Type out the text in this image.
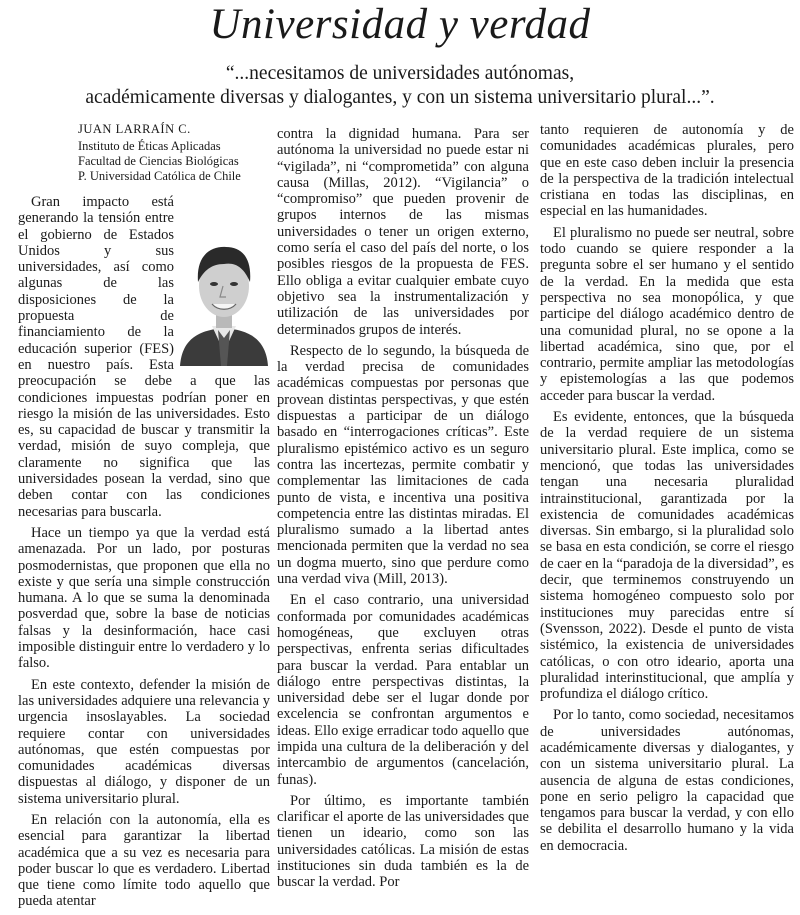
Universidad y verdad
“...necesitamos de universidades autónomas,
académicamente diversas y dialogantes, y con un sistema universitario plural...”.
JUAN LARRAÍN C.
Instituto de Éticas Aplicadas
Facultad de Ciencias Biológicas
P. Universidad Católica de Chile

Gran impacto está generando la tensión entre el gobierno de Estados Unidos y sus universidades, así como algunas de las disposiciones de la propuesta de financiamiento de la educación superior (FES) en nuestro país. Esta preocupación se debe a que las condiciones impuestas podrían poner en riesgo la misión de las universidades. Esto es, su capacidad de buscar y transmitir la verdad, misión de suyo compleja, que claramente no significa que las universidades posean la verdad, sino que deben contar con las condiciones necesarias para buscarla.

Hace un tiempo ya que la verdad está amenazada. Por un lado, por posturas posmodernistas, que proponen que ella no existe y que sería una simple construcción humana. A lo que se suma la denominada posverdad que, sobre la base de noticias falsas y la desinformación, hace casi imposible distinguir entre lo verdadero y lo falso.

En este contexto, defender la misión de las universidades adquiere una relevancia y urgencia insoslayables. La sociedad requiere contar con universidades autónomas, que estén compuestas por comunidades académicas diversas dispuestas al diálogo, y disponer de un sistema universitario plural.

En relación con la autonomía, ella es esencial para garantizar la libertad académica que a su vez es necesaria para poder buscar lo que es verdadero. Libertad que tiene como límite todo aquello que pueda atentar

contra la dignidad humana. Para ser autónoma la universidad no puede estar ni “vigilada”, ni “comprometida” con alguna causa (Millas, 2012). “Vigilancia” o “compromiso” que pueden provenir de grupos internos de las mismas universidades o tener un origen externo, como sería el caso del país del norte, o los posibles riesgos de la propuesta de FES. Ello obliga a evitar cualquier embate cuyo objetivo sea la instrumentalización y utilización de las universidades por determinados grupos de interés.

Respecto de lo segundo, la búsqueda de la verdad precisa de comunidades académicas compuestas por personas que provean distintas perspectivas, y que estén dispuestas a participar de un diálogo basado en “interrogaciones críticas”. Este pluralismo epistémico activo es un seguro contra las incertezas, permite combatir y complementar las limitaciones de cada punto de vista, e incentiva una positiva competencia entre las distintas miradas. El pluralismo sumado a la libertad antes mencionada permiten que la verdad no sea un dogma muerto, sino que perdure como una verdad viva (Mill, 2013).

En el caso contrario, una universidad conformada por comunidades académicas homogéneas, que excluyen otras perspectivas, enfrenta serias dificultades para buscar la verdad. Para entablar un diálogo entre perspectivas distintas, la universidad debe ser el lugar donde por excelencia se confrontan argumentos e ideas. Ello exige erradicar todo aquello que impida una cultura de la deliberación y del intercambio de argumentos (cancelación, funas).

Por último, es importante también clarificar el aporte de las universidades que tienen un ideario, como son las universidades católicas. La misión de estas instituciones sin duda también es la de buscar la verdad. Por

tanto requieren de autonomía y de comunidades académicas plurales, pero que en este caso deben incluir la presencia de la perspectiva de la tradición intelectual cristiana en todas las disciplinas, en especial en las humanidades.

El pluralismo no puede ser neutral, sobre todo cuando se quiere responder a la pregunta sobre el ser humano y el sentido de la verdad. En la medida que esta perspectiva no sea monopólica, y que participe del diálogo académico dentro de una comunidad plural, no se opone a la libertad académica, sino que, por el contrario, permite ampliar las metodologías y epistemologías a las que podemos acceder para buscar la verdad.

Es evidente, entonces, que la búsqueda de la verdad requiere de un sistema universitario plural. Este implica, como se mencionó, que todas las universidades tengan una necesaria pluralidad intrainstitucional, garantizada por la existencia de comunidades académicas diversas. Sin embargo, si la pluralidad solo se basa en esta condición, se corre el riesgo de caer en la “paradoja de la diversidad”, es decir, que terminemos construyendo un sistema homogéneo compuesto solo por instituciones muy parecidas entre sí (Svensson, 2022). Desde el punto de vista sistémico, la existencia de universidades católicas, o con otro ideario, aporta una pluralidad interinstitucional, que amplía y profundiza el diálogo crítico.

Por lo tanto, como sociedad, necesitamos de universidades autónomas, académicamente diversas y dialogantes, y con un sistema universitario plural. La ausencia de alguna de estas condiciones, pone en serio peligro la capacidad que tengamos para buscar la verdad, y con ello se debilita el desarrollo humano y la vida en democracia.
